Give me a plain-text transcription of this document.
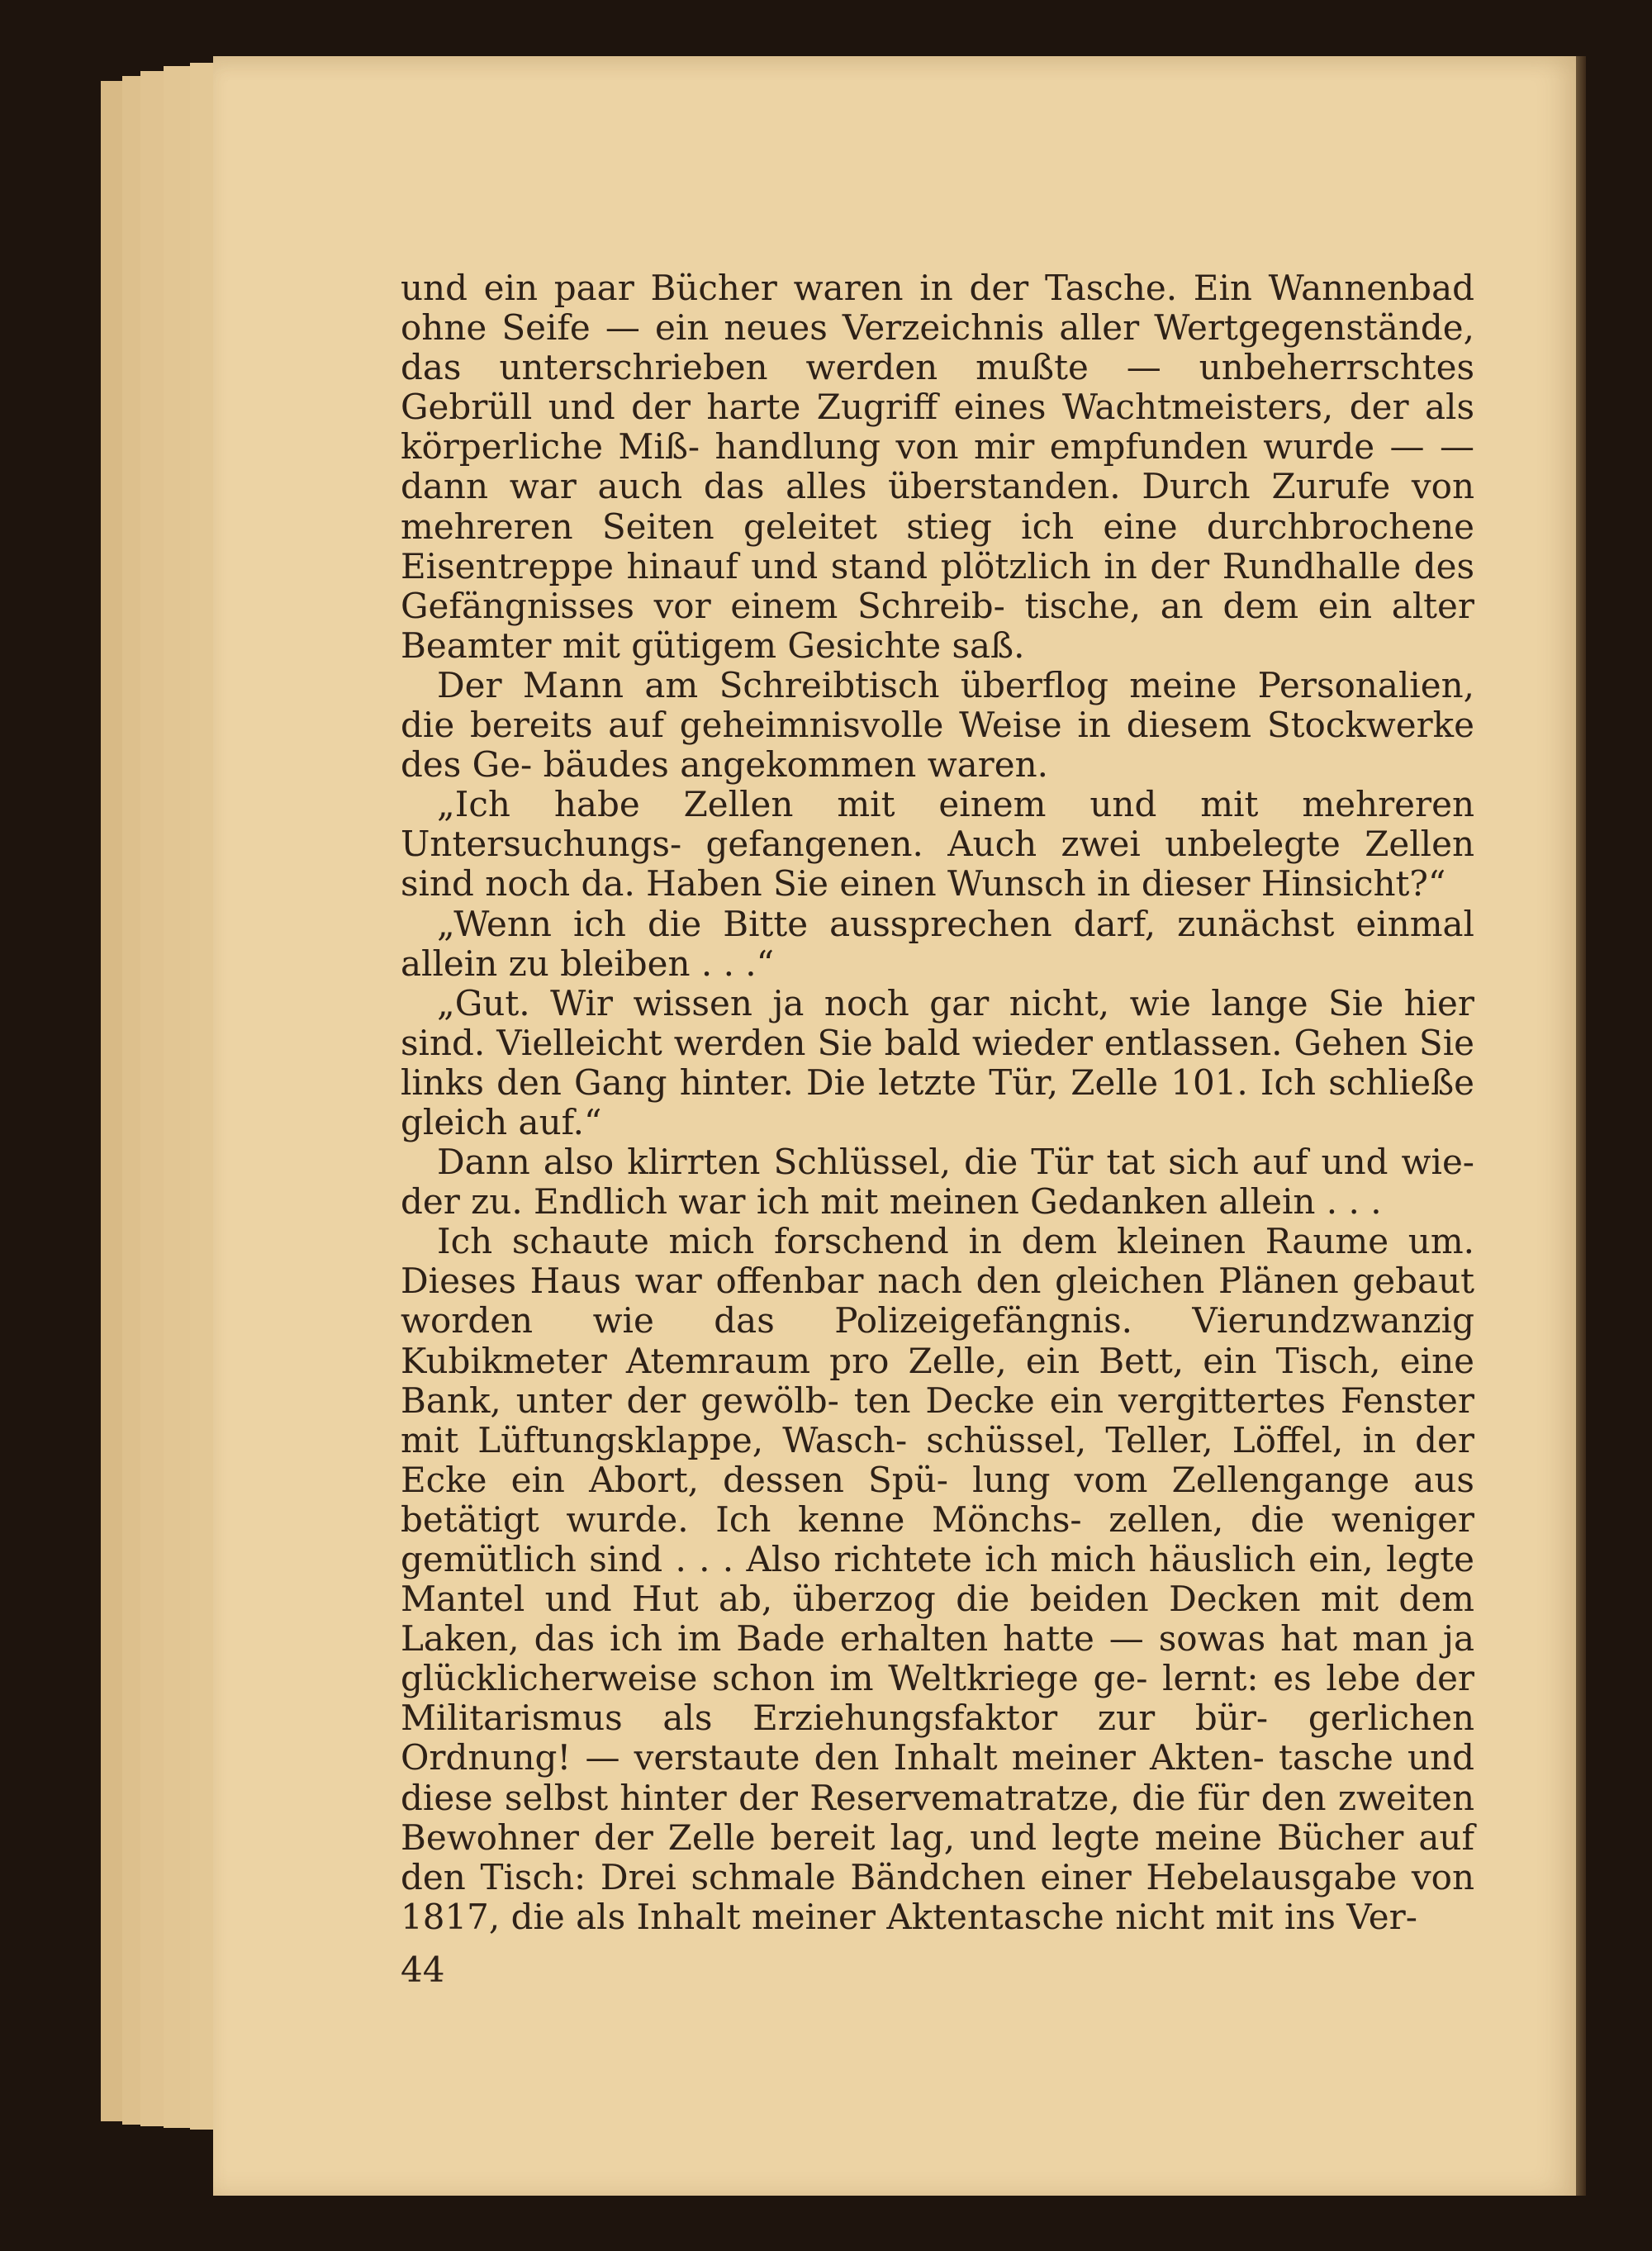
und ein paar Bücher waren in der Tasche. Ein Wannenbad ohne Seife — ein neues Verzeichnis aller Wertgegenstände, das unterschrieben werden mußte — unbeherrschtes Gebrüll und der harte Zugriff eines Wachtmeisters, der als körperliche Miß- handlung von mir empfunden wurde — — dann war auch das alles überstanden. Durch Zurufe von mehreren Seiten geleitet stieg ich eine durchbrochene Eisentreppe hinauf und stand plötzlich in der Rundhalle des Gefängnisses vor einem Schreib- tische, an dem ein alter Beamter mit gütigem Gesichte saß.

Der Mann am Schreibtisch überflog meine Personalien, die bereits auf geheimnisvolle Weise in diesem Stockwerke des Ge- bäudes angekommen waren.

„Ich habe Zellen mit einem und mit mehreren Untersuchungs- gefangenen. Auch zwei unbelegte Zellen sind noch da. Haben Sie einen Wunsch in dieser Hinsicht?“

„Wenn ich die Bitte aussprechen darf, zunächst einmal allein zu bleiben . . .“

„Gut. Wir wissen ja noch gar nicht, wie lange Sie hier sind. Vielleicht werden Sie bald wieder entlassen. Gehen Sie links den Gang hinter. Die letzte Tür, Zelle 101. Ich schließe gleich auf.“

Dann also klirrten Schlüssel, die Tür tat sich auf und wie- der zu. Endlich war ich mit meinen Gedanken allein . . .

Ich schaute mich forschend in dem kleinen Raume um. Dieses Haus war offenbar nach den gleichen Plänen gebaut worden wie das Polizeigefängnis. Vierundzwanzig Kubikmeter Atemraum pro Zelle, ein Bett, ein Tisch, eine Bank, unter der gewölb- ten Decke ein vergittertes Fenster mit Lüftungsklappe, Wasch- schüssel, Teller, Löffel, in der Ecke ein Abort, dessen Spü- lung vom Zellengange aus betätigt wurde. Ich kenne Mönchs- zellen, die weniger gemütlich sind . . . Also richtete ich mich häuslich ein, legte Mantel und Hut ab, überzog die beiden Decken mit dem Laken, das ich im Bade erhalten hatte — sowas hat man ja glücklicherweise schon im Weltkriege ge- lernt: es lebe der Militarismus als Erziehungsfaktor zur bür- gerlichen Ordnung! — verstaute den Inhalt meiner Akten- tasche und diese selbst hinter der Reservematratze, die für den zweiten Bewohner der Zelle bereit lag, und legte meine Bücher auf den Tisch: Drei schmale Bändchen einer Hebelausgabe von 1817, die als Inhalt meiner Aktentasche nicht mit ins Ver-

44
